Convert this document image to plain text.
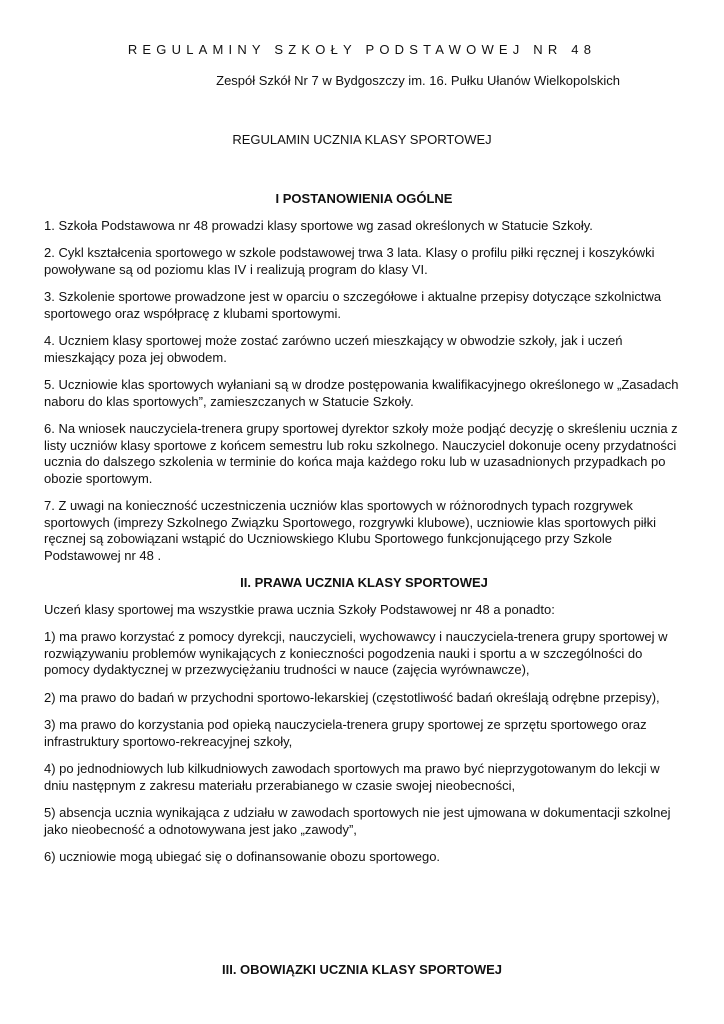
REGULAMINY SZKOŁY PODSTAWOWEJ NR 48

Zespół Szkół Nr 7 w Bydgoszczy im. 16. Pułku Ułanów Wielkopolskich

REGULAMIN UCZNIA KLASY SPORTOWEJ
I POSTANOWIENIA OGÓLNE

1. Szkoła Podstawowa nr 48 prowadzi klasy sportowe wg zasad określonych w Statucie Szkoły.

2. Cykl kształcenia sportowego w szkole podstawowej trwa 3 lata. Klasy o profilu piłki ręcznej i koszykówki powoływane są od poziomu klas IV i realizują program do klasy VI.

3. Szkolenie sportowe prowadzone jest w oparciu o szczegółowe i aktualne przepisy dotyczące szkolnictwa sportowego oraz współpracę z klubami sportowymi.

4. Uczniem klasy sportowej może zostać zarówno uczeń mieszkający w obwodzie szkoły, jak i uczeń mieszkający poza jej obwodem.

5. Uczniowie klas sportowych wyłaniani są w drodze postępowania kwalifikacyjnego określonego w „Zasadach naboru do klas sportowych”, zamieszczanych w Statucie Szkoły.

6. Na wniosek nauczyciela-trenera grupy sportowej dyrektor szkoły może podjąć decyzję o skreśleniu ucznia z listy uczniów klasy sportowe z końcem semestru lub roku szkolnego. Nauczyciel dokonuje oceny przydatności ucznia do dalszego szkolenia w terminie do końca maja każdego roku lub w uzasadnionych przypadkach po obozie sportowym.

7. Z uwagi na konieczność uczestniczenia uczniów klas sportowych w różnorodnych typach rozgrywek sportowych (imprezy Szkolnego Związku Sportowego, rozgrywki klubowe), uczniowie klas sportowych piłki ręcznej są zobowiązani wstąpić do Uczniowskiego Klubu Sportowego funkcjonującego przy Szkole Podstawowej nr 48 .

II. PRAWA UCZNIA KLASY SPORTOWEJ

Uczeń klasy sportowej ma wszystkie prawa ucznia Szkoły Podstawowej nr 48 a ponadto:

1) ma prawo korzystać z pomocy dyrekcji, nauczycieli, wychowawcy i nauczyciela-trenera grupy sportowej w rozwiązywaniu problemów wynikających z konieczności pogodzenia nauki i sportu a w szczególności do pomocy dydaktycznej w przezwyciężaniu trudności w nauce (zajęcia wyrównawcze),

2) ma prawo do badań w przychodni sportowo-lekarskiej (częstotliwość badań określają odrębne przepisy),

3) ma prawo do korzystania pod opieką nauczyciela-trenera grupy sportowej ze sprzętu sportowego oraz infrastruktury sportowo-rekreacyjnej szkoły,

4) po jednodniowych lub kilkudniowych zawodach sportowych ma prawo być nieprzygotowanym do lekcji w dniu następnym z zakresu materiału przerabianego w czasie swojej nieobecności,

5) absencja ucznia wynikająca z udziału w zawodach sportowych nie jest ujmowana w dokumentacji szkolnej jako nieobecność a odnotowywana jest jako „zawody”,

6) uczniowie mogą ubiegać się o dofinansowanie obozu sportowego.

III. OBOWIĄZKI UCZNIA KLASY SPORTOWEJ
